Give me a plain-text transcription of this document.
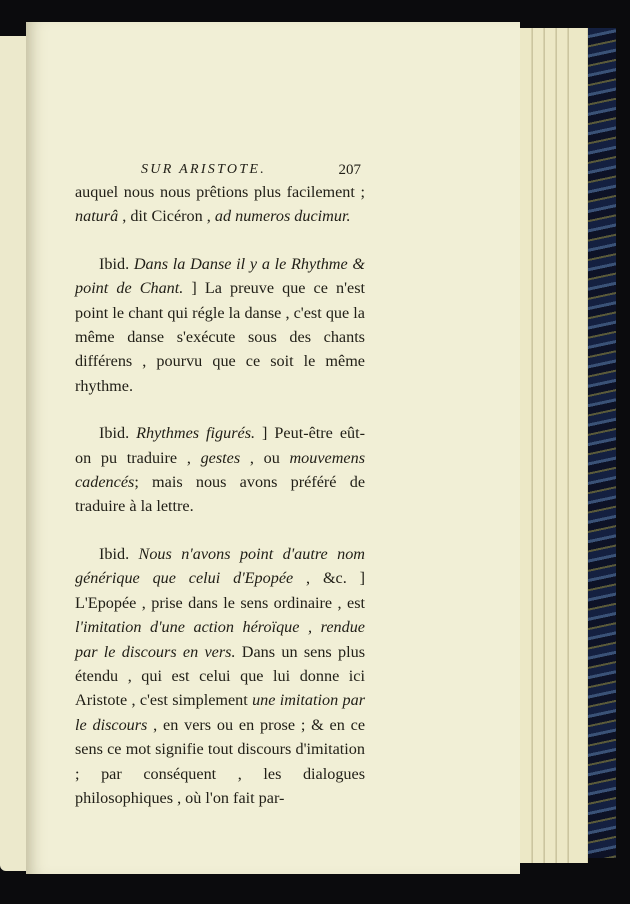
SUR ARISTOTE.	207

auquel nous nous prêtions plus facilement ; naturâ , dit Cicéron , ad numeros ducimur.

Ibid. Dans la Danse il y a le Rhythme & point de Chant. ] La preuve que ce n'est point le chant qui régle la danse , c'est que la même danse s'exécute sous des chants différens , pourvu que ce soit le même rhythme.

Ibid. Rhythmes figurés. ] Peut-être eût-on pu traduire , gestes , ou mouvemens cadencés; mais nous avons préféré de traduire à la lettre.

Ibid. Nous n'avons point d'autre nom générique que celui d'Epopée , &c. ] L'Epopée , prise dans le sens ordinaire , est l'imitation d'une action héroïque , rendue par le discours en vers. Dans un sens plus étendu , qui est celui que lui donne ici Aristote , c'est simplement une imitation par le discours , en vers ou en prose ; & en ce sens ce mot signifie tout discours d'imitation ; par conséquent , les dialogues philosophiques , où l'on fait par-
